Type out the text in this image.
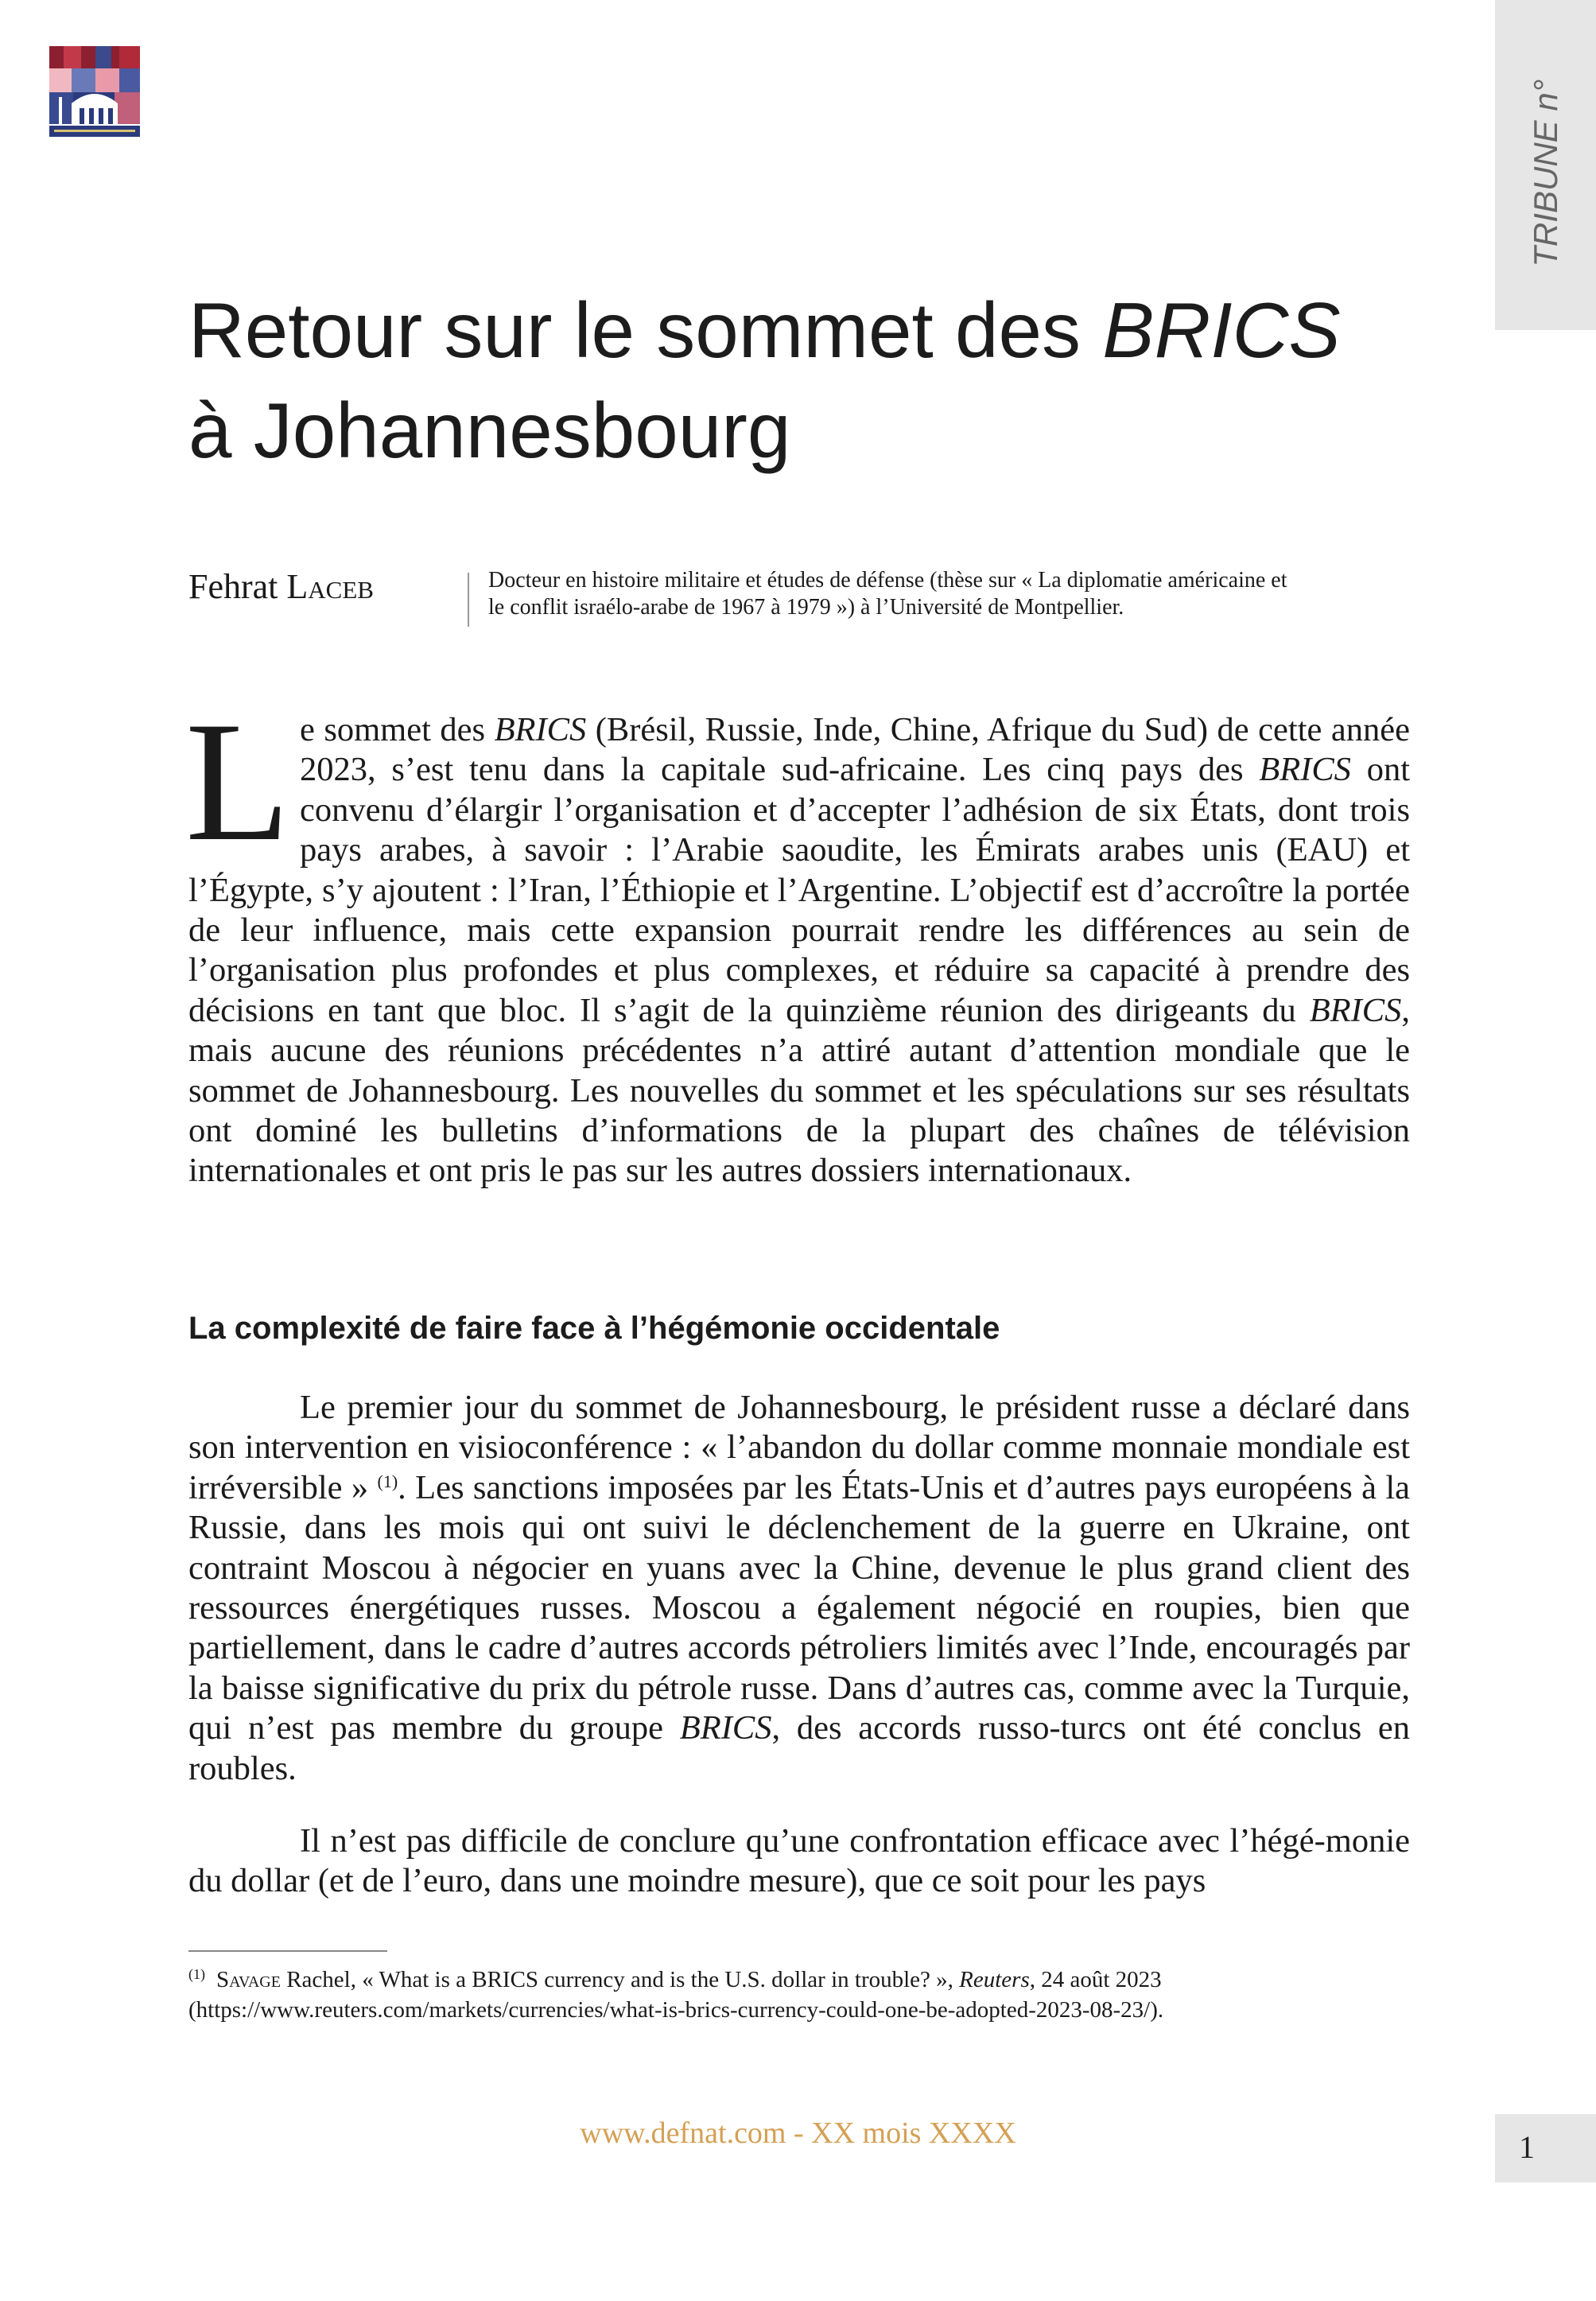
TRIBUNE n°
Retour sur le sommet des BRICS
à Johannesbourg
Fehrat Laceb	Docteur en histoire militaire et études de défense (thèse sur « La diplomatie américaine et
le conflit israélo-arabe de 1967 à 1979 ») à l’Université de Montpellier.

Le sommet des BRICS (Brésil, Russie, Inde, Chine, Afrique du Sud) de cette année 2023, s’est tenu dans la capitale sud-africaine. Les cinq pays des BRICS ont convenu d’élargir l’organisation et d’accepter l’adhésion de six États, dont trois pays arabes, à savoir : l’Arabie saoudite, les Émirats arabes unis (EAU) et l’Égypte, s’y ajoutent : l’Iran, l’Éthiopie et l’Argentine. L’objectif est d’accroître la portée de leur influence, mais cette expansion pourrait rendre les différences au sein de l’organisation plus profondes et plus complexes, et réduire sa capacité à prendre des décisions en tant que bloc. Il s’agit de la quinzième réunion des dirigeants du BRICS, mais aucune des réunions précédentes n’a attiré autant d’attention mondiale que le sommet de Johannesbourg. Les nouvelles du sommet et les spéculations sur ses résultats ont dominé les bulletins d’informations de la plupart des chaînes de télévision internationales et ont pris le pas sur les autres dossiers internationaux.

La complexité de faire face à l’hégémonie occidentale

Le premier jour du sommet de Johannesbourg, le président russe a déclaré dans son intervention en visioconférence : « l’abandon du dollar comme monnaie mondiale est irréversible » $^{(1)}$. Les sanctions imposées par les États-Unis et d’autres pays européens à la Russie, dans les mois qui ont suivi le déclenchement de la guerre en Ukraine, ont contraint Moscou à négocier en yuans avec la Chine, devenue le plus grand client des ressources énergétiques russes. Moscou a également négocié en roupies, bien que partiellement, dans le cadre d’autres accords pétroliers limités avec l’Inde, encouragés par la baisse significative du prix du pétrole russe. Dans d’autres cas, comme avec la Turquie, qui n’est pas membre du groupe BRICS, des accords russo-turcs ont été conclus en roubles.

Il n’est pas difficile de conclure qu’une confrontation efficace avec l’hégé-monie du dollar (et de l’euro, dans une moindre mesure), que ce soit pour les pays

$^{(1)}$ Savage Rachel, « What is a BRICS currency and is the U.S. dollar in trouble? », Reuters, 24 août 2023
(https://www.reuters.com/markets/currencies/what-is-brics-currency-could-one-be-adopted-2023-08-23/).
www.defnat.com - XX mois XXXX	1
